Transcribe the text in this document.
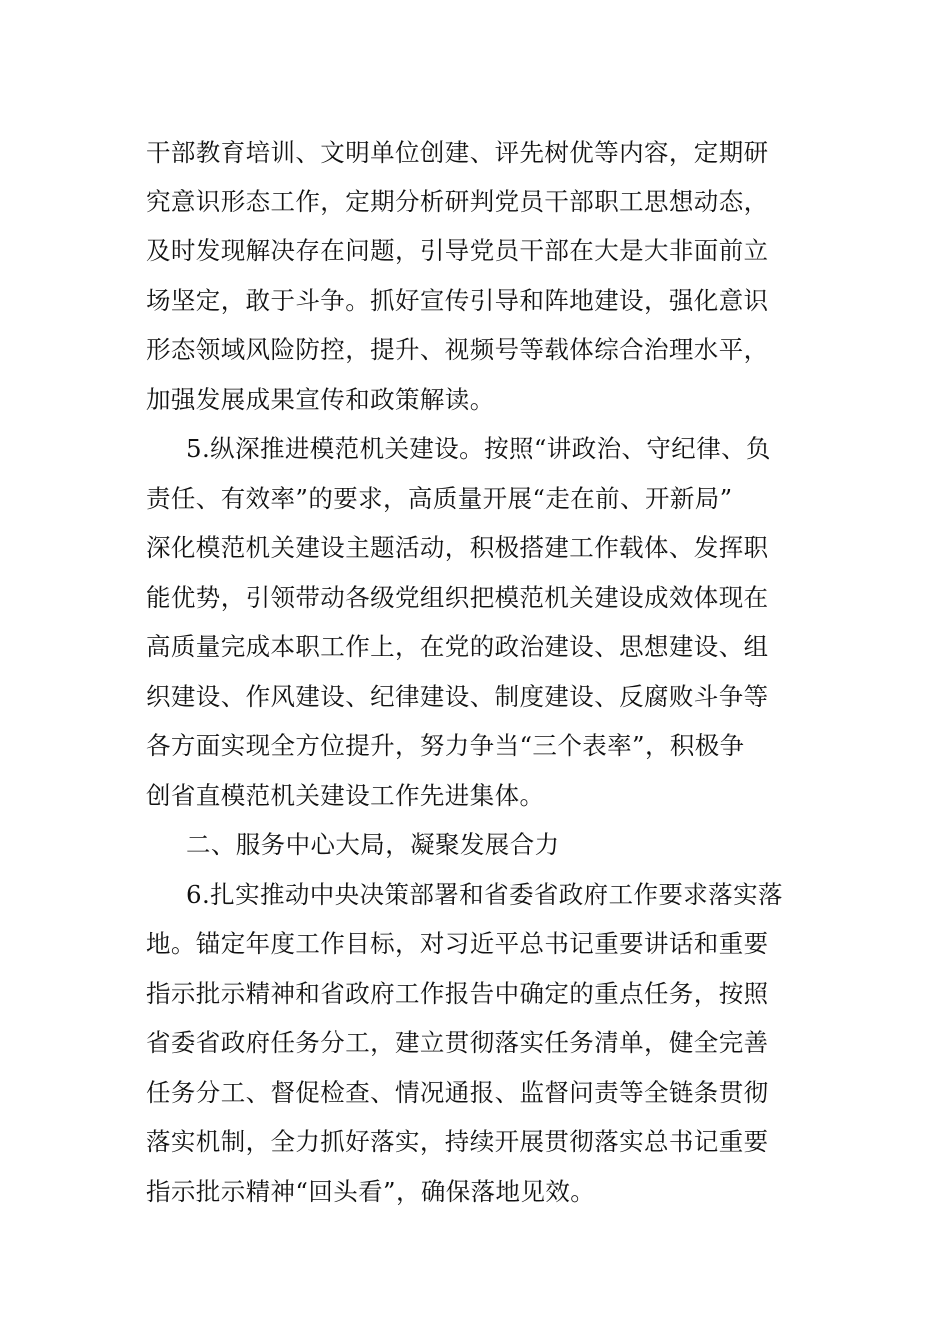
干部教育培训、文明单位创建、评先树优等内容，定期研
究意识形态工作，定期分析研判党员干部职工思想动态，
及时发现解决存在问题，引导党员干部在大是大非面前立
场坚定，敢于斗争。抓好宣传引导和阵地建设，强化意识
形态领域风险防控，提升、视频号等载体综合治理水平，
加强发展成果宣传和政策解读。
5.纵深推进模范机关建设。按照“讲政治、守纪律、负
责任、有效率”的要求，高质量开展“走在前、开新局”
深化模范机关建设主题活动，积极搭建工作载体、发挥职
能优势，引领带动各级党组织把模范机关建设成效体现在
高质量完成本职工作上，在党的政治建设、思想建设、组
织建设、作风建设、纪律建设、制度建设、反腐败斗争等
各方面实现全方位提升，努力争当“三个表率”，积极争
创省直模范机关建设工作先进集体。
二、服务中心大局，凝聚发展合力
6.扎实推动中央决策部署和省委省政府工作要求落实落
地。锚定年度工作目标，对习近平总书记重要讲话和重要
指示批示精神和省政府工作报告中确定的重点任务，按照
省委省政府任务分工，建立贯彻落实任务清单，健全完善
任务分工、督促检查、情况通报、监督问责等全链条贯彻
落实机制，全力抓好落实，持续开展贯彻落实总书记重要
指示批示精神“回头看”，确保落地见效。
